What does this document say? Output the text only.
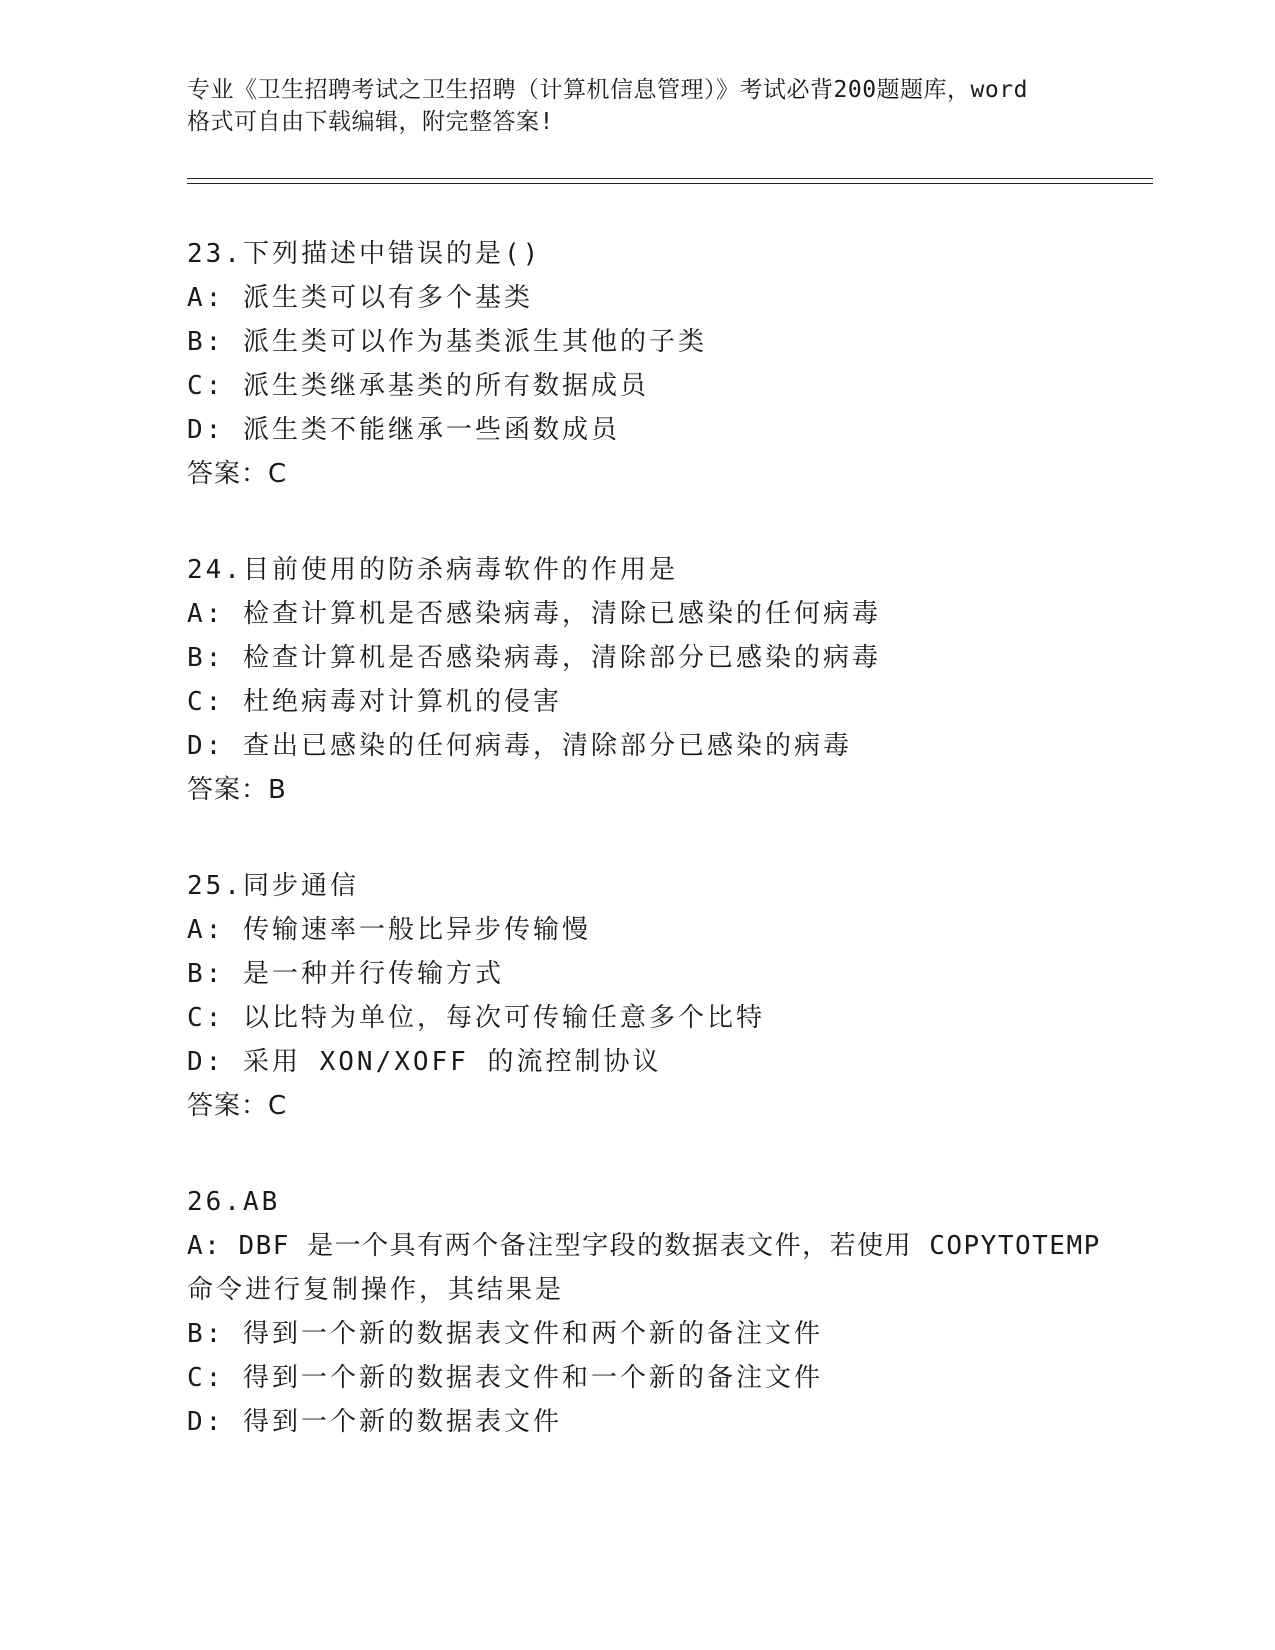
专业《卫生招聘考试之卫生招聘（计算机信息管理）》考试必背200题题库，word
格式可自由下载编辑，附完整答案!
23.下列描述中错误的是()
A: 派生类可以有多个基类
B: 派生类可以作为基类派生其他的子类
C: 派生类继承基类的所有数据成员
D: 派生类不能继承一些函数成员
答案：C
24.目前使用的防杀病毒软件的作用是
A: 检查计算机是否感染病毒，清除已感染的任何病毒
B: 检查计算机是否感染病毒，清除部分已感染的病毒
C: 杜绝病毒对计算机的侵害
D: 查出已感染的任何病毒，清除部分已感染的病毒
答案：B
25.同步通信
A: 传输速率一般比异步传输慢
B: 是一种并行传输方式
C: 以比特为单位，每次可传输任意多个比特
D: 采用 XON/XOFF 的流控制协议
答案：C
26.AB
A: DBF 是一个具有两个备注型字段的数据表文件，若使用 COPYTOTEMP
命令进行复制操作，其结果是
B: 得到一个新的数据表文件和两个新的备注文件
C: 得到一个新的数据表文件和一个新的备注文件
D: 得到一个新的数据表文件
